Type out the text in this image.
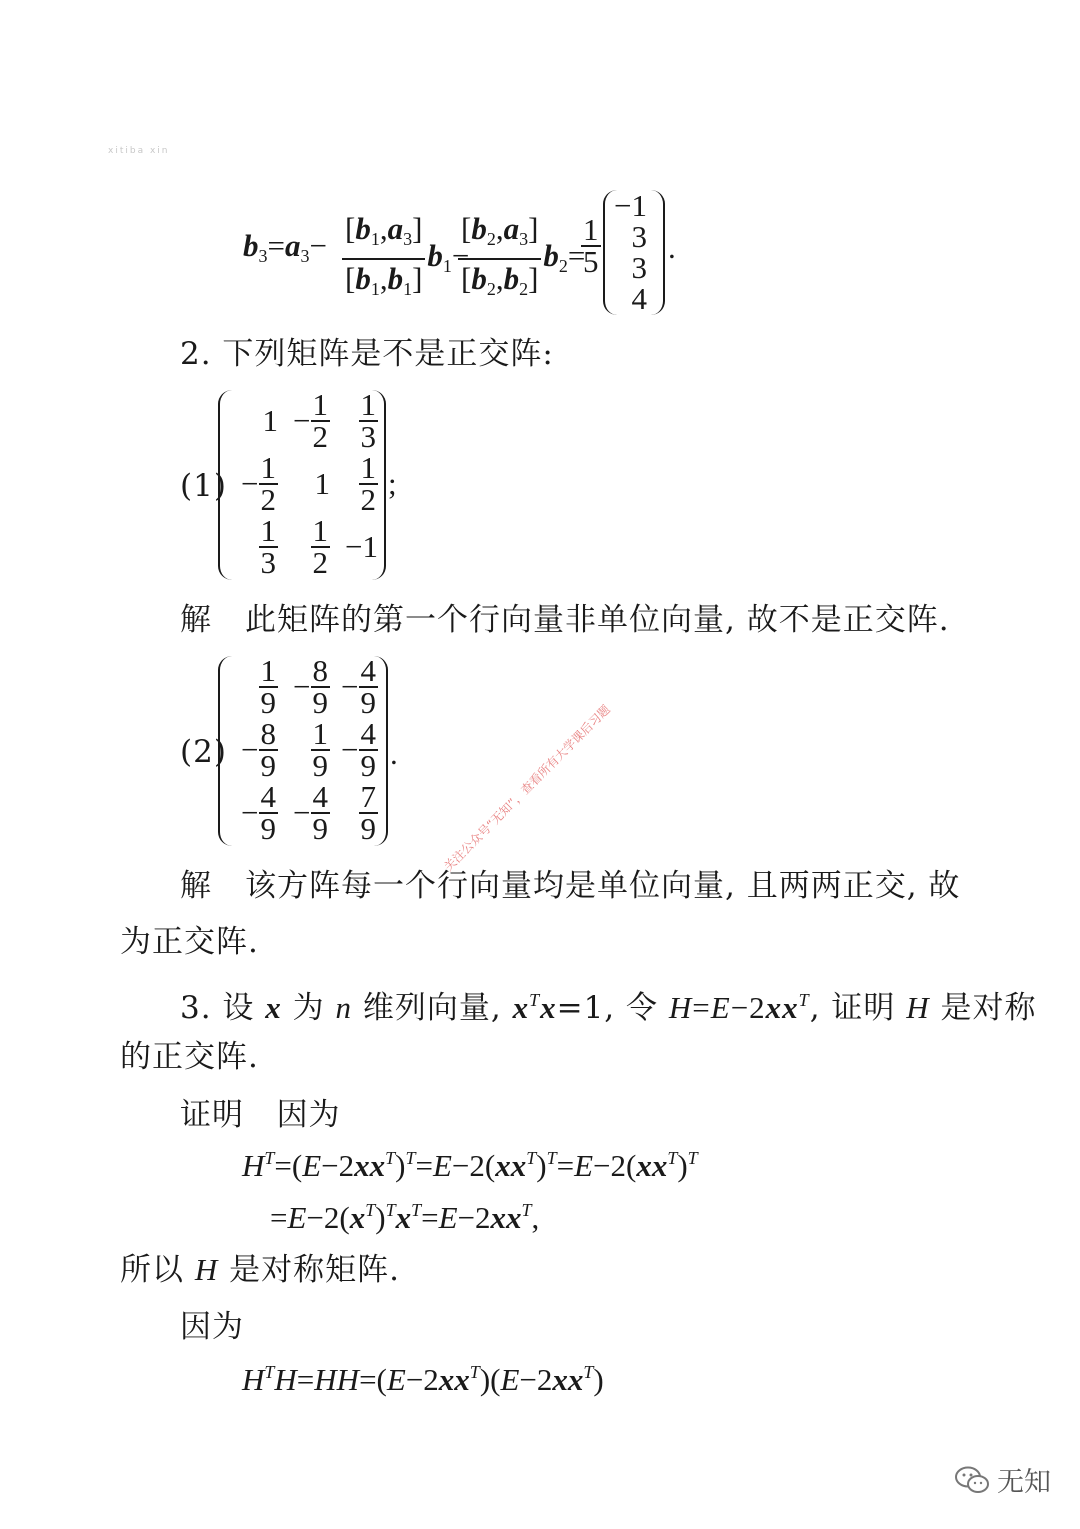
xitiba xin
$b_3=a_3- \frac{[b_1,a_3]}{[b_1,b_1]} b_1-$
$\frac{[b_2,a_3]}{[b_2,b_2]} b_2=$
$\frac{1}{5}$
−1
3
3
4
.
2. 下列矩阵是不是正交阵:
(1)
$1 - \frac{1}{2} \frac{1}{3}$
− $\frac{1}{2}$	$1 \frac{1}{2}$
$\frac{1}{3} \frac{1}{2} -1$
;
解 此矩阵的第一个行向量非单位向量, 故不是正交阵.
(2)
$\frac{1}{9} - \frac{8}{9} - \frac{4}{9}$
− $\frac{8}{9} \frac{1}{9} - \frac{4}{9}$
− $\frac{4}{9} - \frac{4}{9} \frac{7}{9}$
.	关注公众号“无知”，查看所有大学课后习题
解 该方阵每一个行向量均是单位向量, 且两两正交, 故
为正交阵.
3. 设 x 为 n 维列向量, $x^Tx=1$, 令 $H=E-2xx^T$, 证明 H 是对称
的正交阵.
证明 因为
$H^T=(E-2xx^T)^T=E-2(xx^T)^T=E-2(xx^T)^T$
$=E-2(x^T)^Tx^T=E-2xx^T$,
所以 H 是对称矩阵.
因为
$H^TH=HH=(E-2xx^T)(E-2xx^T)$
无知
